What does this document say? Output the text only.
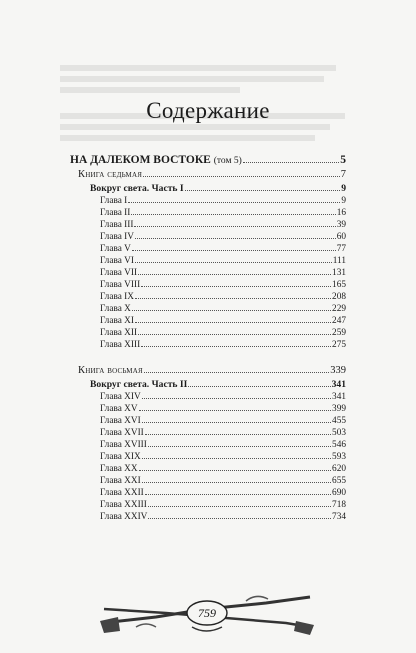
Содержание
НА ДАЛЕКОМ ВОСТОКЕ (том 5)	5
Книга седьмая	7
Вокруг света. Часть I	9
Глава I	9
Глава II	16
Глава III	39
Глава IV	60
Глава V	77
Глава VI	111
Глава VII	131
Глава VIII	165
Глава IX	208
Глава X	229
Глава XI	247
Глава XII	259
Глава XIII	275
Книга восьмая	339
Вокруг света. Часть II	341
Глава XIV	341
Глава XV	399
Глава XVI	455
Глава XVII	503
Глава XVIII	546
Глава XIX	593
Глава XX	620
Глава XXI	655
Глава XXII	690
Глава XXIII	718
Глава XXIV	734
759
